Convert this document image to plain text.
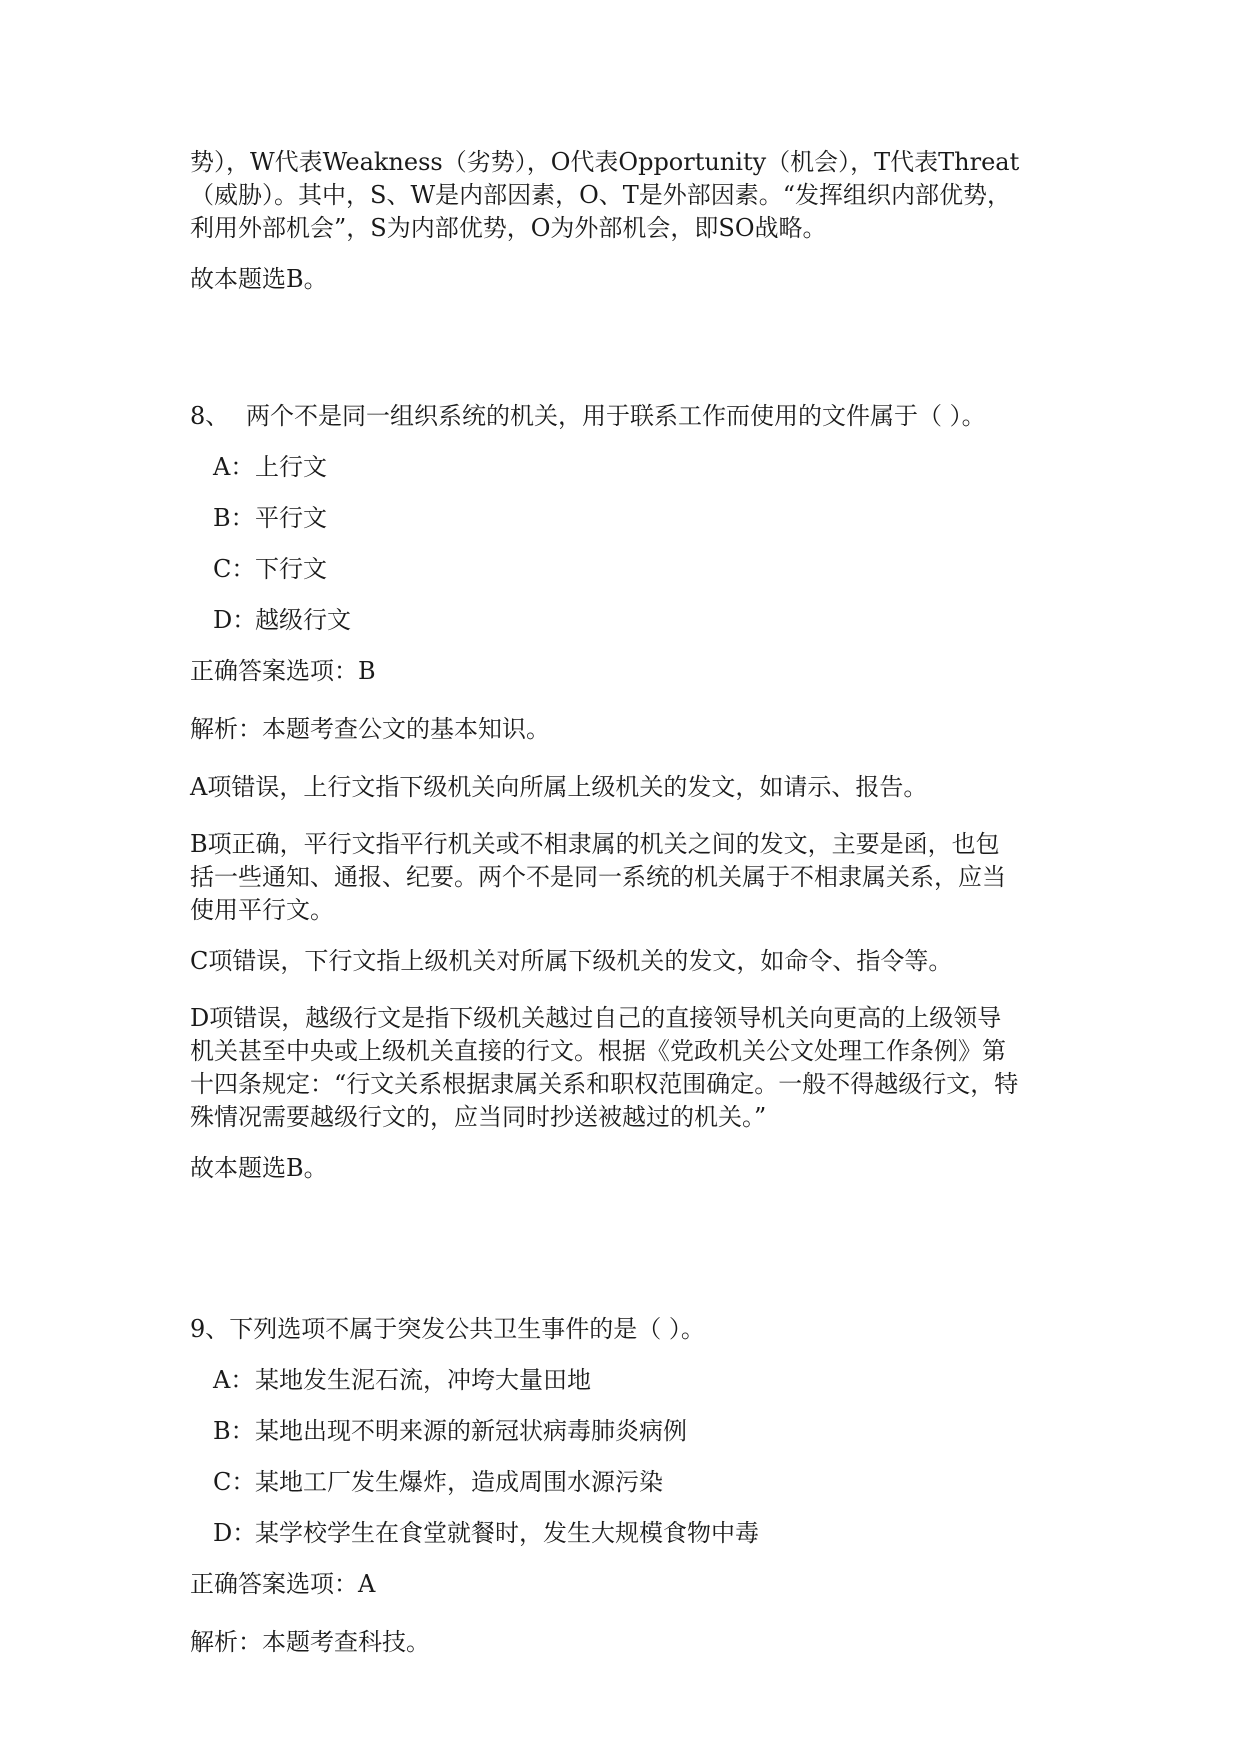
势），W代表Weakness（劣势），O代表Opportunity（机会），T代表Threat

（威胁）。其中，S、W是内部因素，O、T是外部因素。“发挥组织内部优势，

利用外部机会”，S为内部优势，O为外部机会，即SO战略。

故本题选B。

8、 两个不是同一组织系统的机关，用于联系工作而使用的文件属于（ ）。

A：上行文
B：平行文
C：下行文
D：越级行文

正确答案选项：B

解析：本题考查公文的基本知识。

A项错误，上行文指下级机关向所属上级机关的发文，如请示、报告。

B项正确，平行文指平行机关或不相隶属的机关之间的发文，主要是函，也包

括一些通知、通报、纪要。两个不是同一系统的机关属于不相隶属关系，应当

使用平行文。

C项错误，下行文指上级机关对所属下级机关的发文，如命令、指令等。

D项错误，越级行文是指下级机关越过自己的直接领导机关向更高的上级领导

机关甚至中央或上级机关直接的行文。根据《党政机关公文处理工作条例》第

十四条规定：“行文关系根据隶属关系和职权范围确定。一般不得越级行文，特

殊情况需要越级行文的，应当同时抄送被越过的机关。”

故本题选B。

9、下列选项不属于突发公共卫生事件的是（ ）。

A：某地发生泥石流，冲垮大量田地
B：某地出现不明来源的新冠状病毒肺炎病例
C：某地工厂发生爆炸，造成周围水源污染
D：某学校学生在食堂就餐时，发生大规模食物中毒

正确答案选项：A

解析：本题考查科技。
